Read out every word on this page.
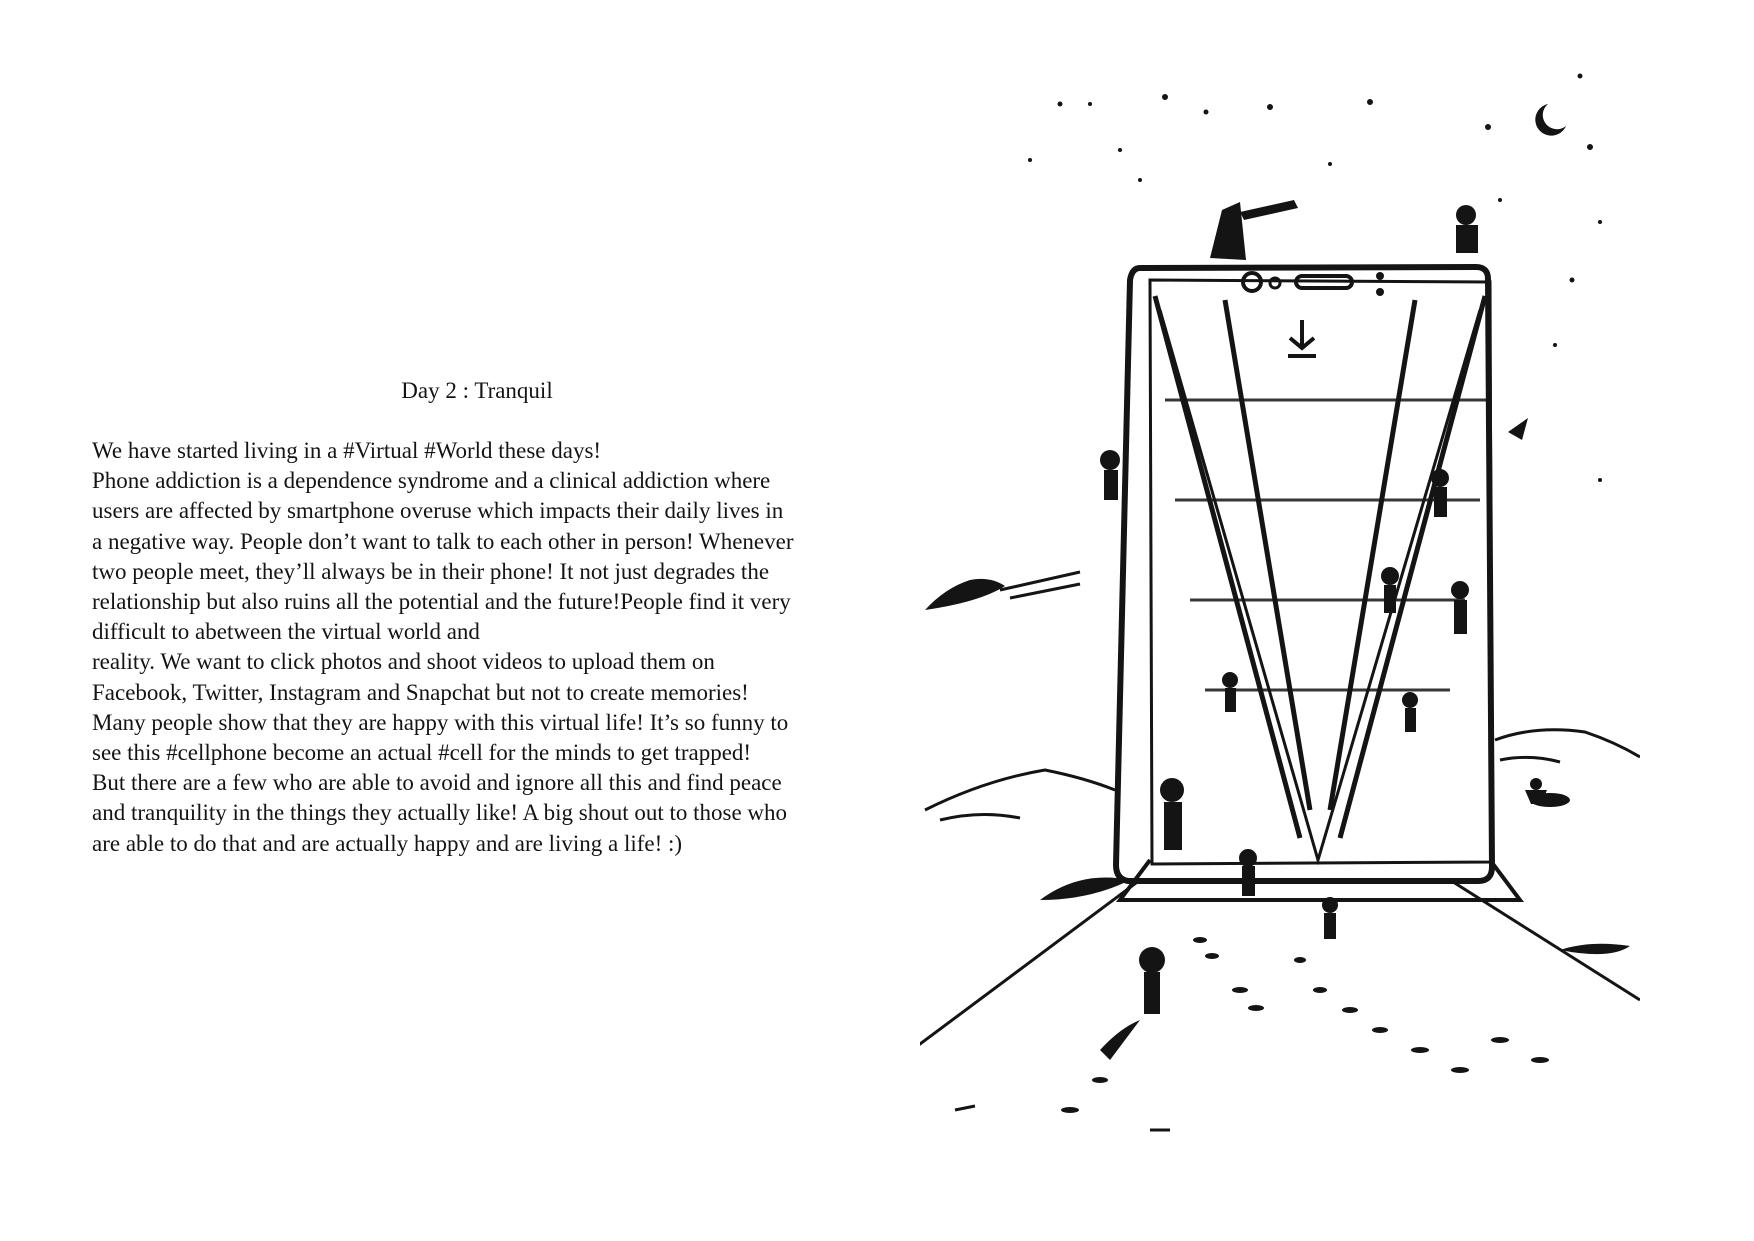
Day 2 : Tranquil
We have started living in a #Virtual #World these days!
Phone addiction is a dependence syndrome and a clinical addiction where
users are affected by smartphone overuse which impacts their daily lives in
a negative way. People don’t want to talk to each other in person! Whenever
two people meet, they’ll always be in their phone! It not just degrades the
relationship but also ruins all the potential and the future!People find it very
difficult to abetween the virtual world and
reality. We want to click photos and shoot videos to upload them on
Facebook, Twitter, Instagram and Snapchat but not to create memories!
Many people show that they are happy with this virtual life! It’s so funny to
see this #cellphone become an actual #cell for the minds to get trapped!
But there are a few who are able to avoid and ignore all this and find peace
and tranquility in the things they actually like! A big shout out to those who
are able to do that and are actually happy and are living a life! :)
